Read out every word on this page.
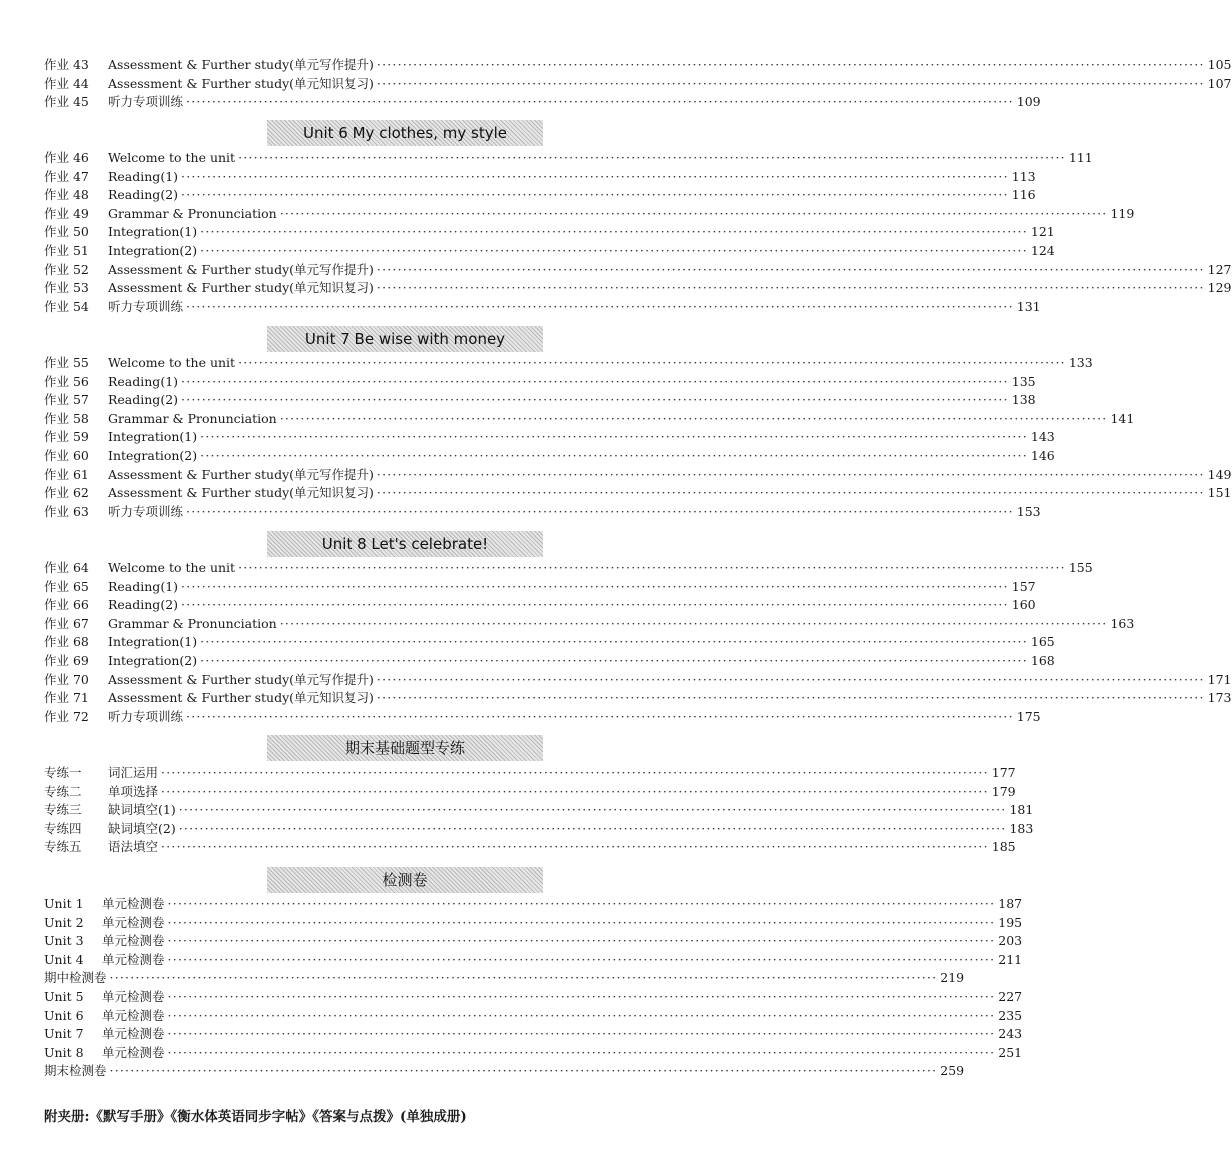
Unit 6 My clothes, my style
Unit 7 Be wise with money
Unit 8 Let's celebrate!
期末基础题型专练
检测卷
作业 43	Assessment & Further study(单元写作提升) ································································································································································ 105
作业 44	Assessment & Further study(单元知识复习) ································································································································································ 107
作业 45	听力专项训练 ································································································································································ 109
作业 46	Welcome to the unit ································································································································································ 111
作业 47	Reading(1) ································································································································································ 113
作业 48	Reading(2) ································································································································································ 116
作业 49	Grammar & Pronunciation ································································································································································ 119
作业 50	Integration(1) ································································································································································ 121
作业 51	Integration(2) ································································································································································ 124
作业 52	Assessment & Further study(单元写作提升) ································································································································································ 127
作业 53	Assessment & Further study(单元知识复习) ································································································································································ 129
作业 54	听力专项训练 ································································································································································ 131
作业 55	Welcome to the unit ································································································································································ 133
作业 56	Reading(1) ································································································································································ 135
作业 57	Reading(2) ································································································································································ 138
作业 58	Grammar & Pronunciation ································································································································································ 141
作业 59	Integration(1) ································································································································································ 143
作业 60	Integration(2) ································································································································································ 146
作业 61	Assessment & Further study(单元写作提升) ································································································································································ 149
作业 62	Assessment & Further study(单元知识复习) ································································································································································ 151
作业 63	听力专项训练 ································································································································································ 153
作业 64	Welcome to the unit ································································································································································ 155
作业 65	Reading(1) ································································································································································ 157
作业 66	Reading(2) ································································································································································ 160
作业 67	Grammar & Pronunciation ································································································································································ 163
作业 68	Integration(1) ································································································································································ 165
作业 69	Integration(2) ································································································································································ 168
作业 70	Assessment & Further study(单元写作提升) ································································································································································ 171
作业 71	Assessment & Further study(单元知识复习) ································································································································································ 173
作业 72	听力专项训练 ································································································································································ 175
专练一	词汇运用 ································································································································································ 177
专练二	单项选择 ································································································································································ 179
专练三	缺词填空(1) ································································································································································ 181
专练四	缺词填空(2) ································································································································································ 183
专练五	语法填空 ································································································································································ 185
Unit 1	单元检测卷 ································································································································································ 187
Unit 2	单元检测卷 ································································································································································ 195
Unit 3	单元检测卷 ································································································································································ 203
Unit 4	单元检测卷 ································································································································································ 211
期中检测卷 ································································································································································ 219
Unit 5	单元检测卷 ································································································································································ 227
Unit 6	单元检测卷 ································································································································································ 235
Unit 7	单元检测卷 ································································································································································ 243
Unit 8	单元检测卷 ································································································································································ 251
期末检测卷 ································································································································································ 259
附夹册:《默写手册》《衡水体英语同步字帖》《答案与点拨》(单独成册)
